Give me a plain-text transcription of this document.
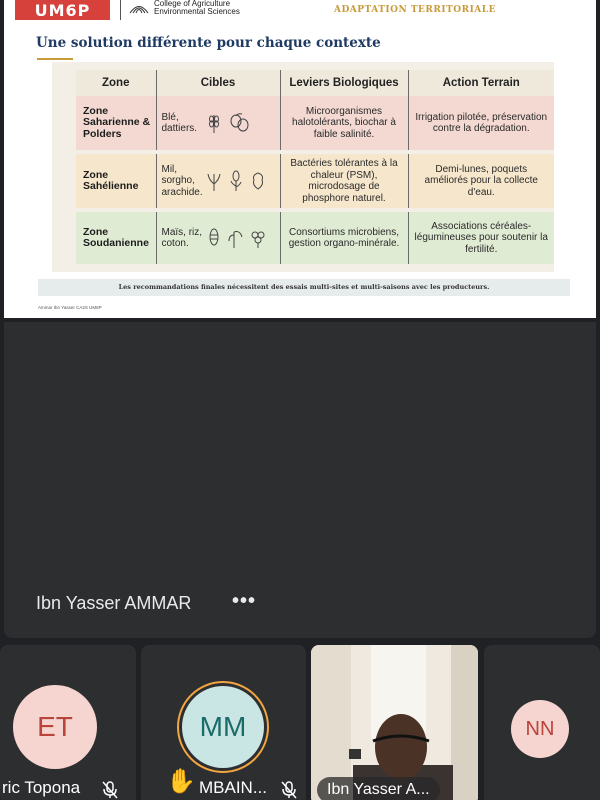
UM6P	College of Agriculture Environmental Sciences	ADAPTATION TERRITORIALE
Une solution différente pour chaque contexte
Zone	Cibles	Leviers Biologiques	Action Terrain
Zone Saharienne & Polders	Blé, dattiers.	Microorganismes halotolérants, biochar à faible salinité.	Irrigation pilotée, préservation contre la dégradation.
Zone Sahélienne	Mil, sorgho, arachide.	Bactéries tolérantes à la chaleur (PSM), microdosage de phosphore naturel.	Demi-lunes, poquets améliorés pour la collecte d'eau.
Zone Soudanienne	Maïs, riz, coton.	Consortiums microbiens, gestion organo-minérale.	Associations céréales-légumineuses pour soutenir la fertilité.
Les recommandations finales nécessitent des essais multi-sites et multi-saisons avec les producteurs.
Ammar Ibn Yasser CA2S UM6P
Ibn Yasser AMMAR •••
ET
ric Topona
MM
✋ MBAIN...	Ibn Yasser A...
NN
